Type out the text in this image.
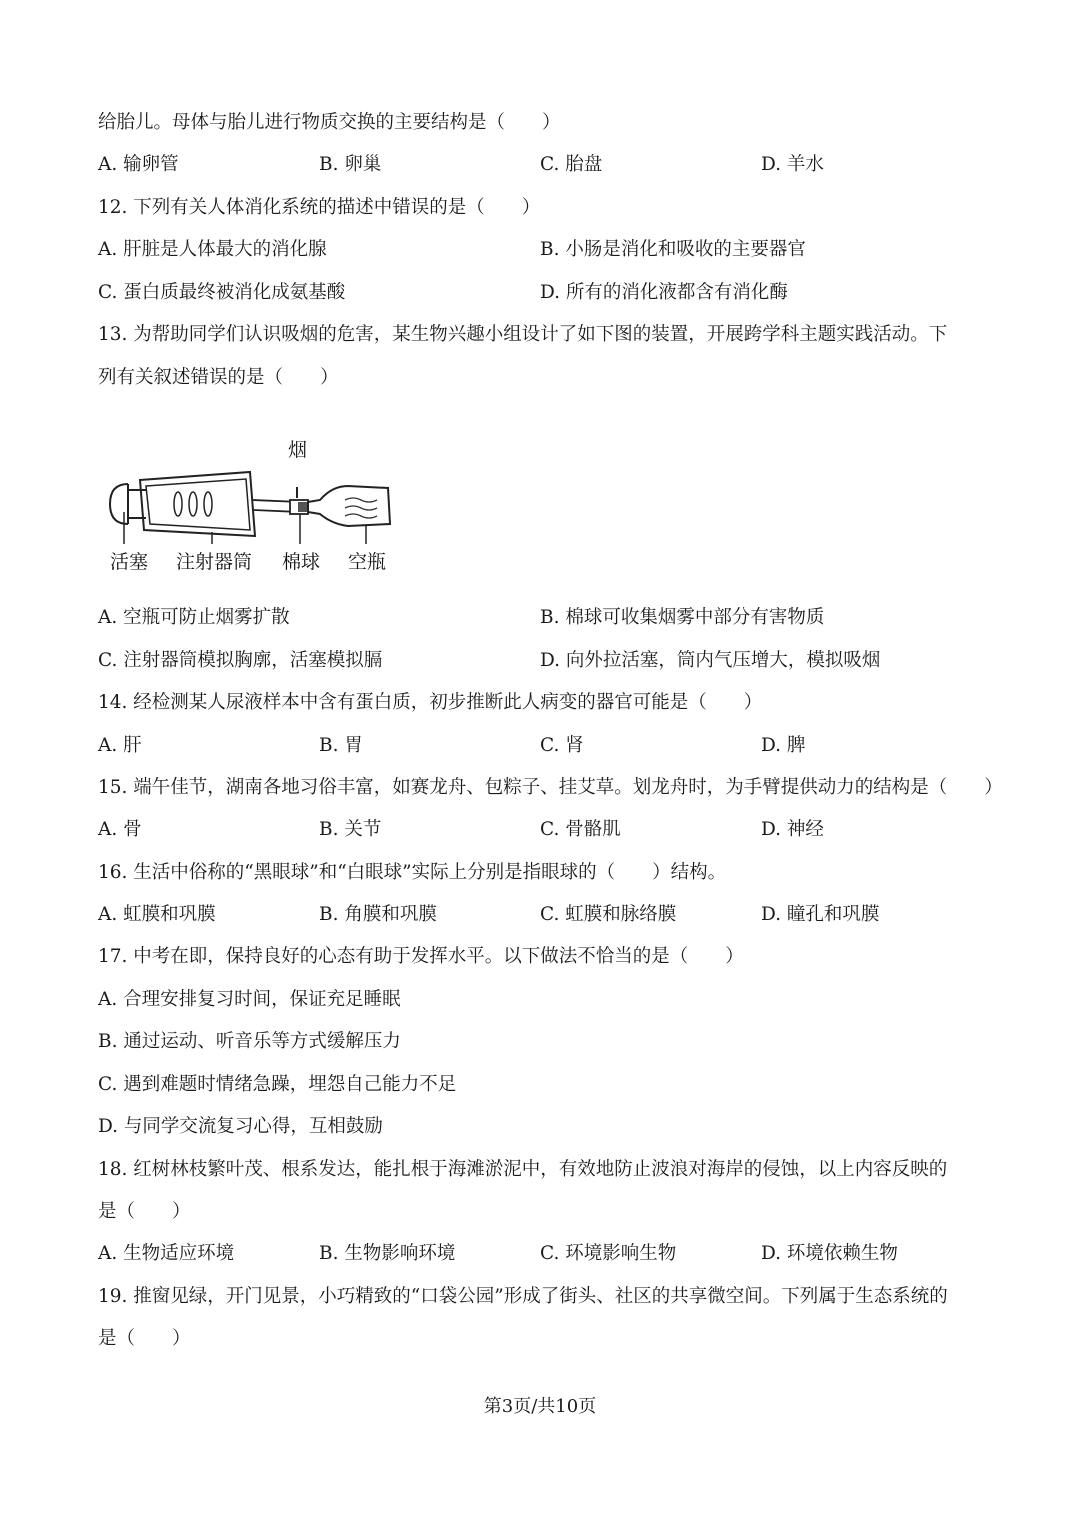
给胎儿。母体与胎儿进行物质交换的主要结构是（　　）
A. 输卵管	B. 卵巢	C. 胎盘	D. 羊水
12. 下列有关人体消化系统的描述中错误的是（　　）
A. 肝脏是人体最大的消化腺	B. 小肠是消化和吸收的主要器官
C. 蛋白质最终被消化成氨基酸	D. 所有的消化液都含有消化酶
13. 为帮助同学们认识吸烟的危害，某生物兴趣小组设计了如下图的装置，开展跨学科主题实践活动。下
列有关叙述错误的是（　　）
烟
活塞 注射器筒 棉球 空瓶
A. 空瓶可防止烟雾扩散	B. 棉球可收集烟雾中部分有害物质
C. 注射器筒模拟胸廓，活塞模拟膈	D. 向外拉活塞，筒内气压增大，模拟吸烟
14. 经检测某人尿液样本中含有蛋白质，初步推断此人病变的器官可能是（　　）
A. 肝	B. 胃	C. 肾	D. 脾
15. 端午佳节，湖南各地习俗丰富，如赛龙舟、包粽子、挂艾草。划龙舟时，为手臂提供动力的结构是（　　）
A. 骨	B. 关节	C. 骨骼肌	D. 神经
16. 生活中俗称的“黑眼球”和“白眼球”实际上分别是指眼球的（　　）结构。
A. 虹膜和巩膜	B. 角膜和巩膜	C. 虹膜和脉络膜	D. 瞳孔和巩膜
17. 中考在即，保持良好的心态有助于发挥水平。以下做法不恰当的是（　　）
A. 合理安排复习时间，保证充足睡眠
B. 通过运动、听音乐等方式缓解压力
C. 遇到难题时情绪急躁，埋怨自己能力不足
D. 与同学交流复习心得，互相鼓励
18. 红树林枝繁叶茂、根系发达，能扎根于海滩淤泥中，有效地防止波浪对海岸的侵蚀，以上内容反映的
是（　　）
A. 生物适应环境	B. 生物影响环境	C. 环境影响生物	D. 环境依赖生物
19. 推窗见绿，开门见景，小巧精致的“口袋公园”形成了街头、社区的共享微空间。下列属于生态系统的
是（　　）
第3页/共10页
